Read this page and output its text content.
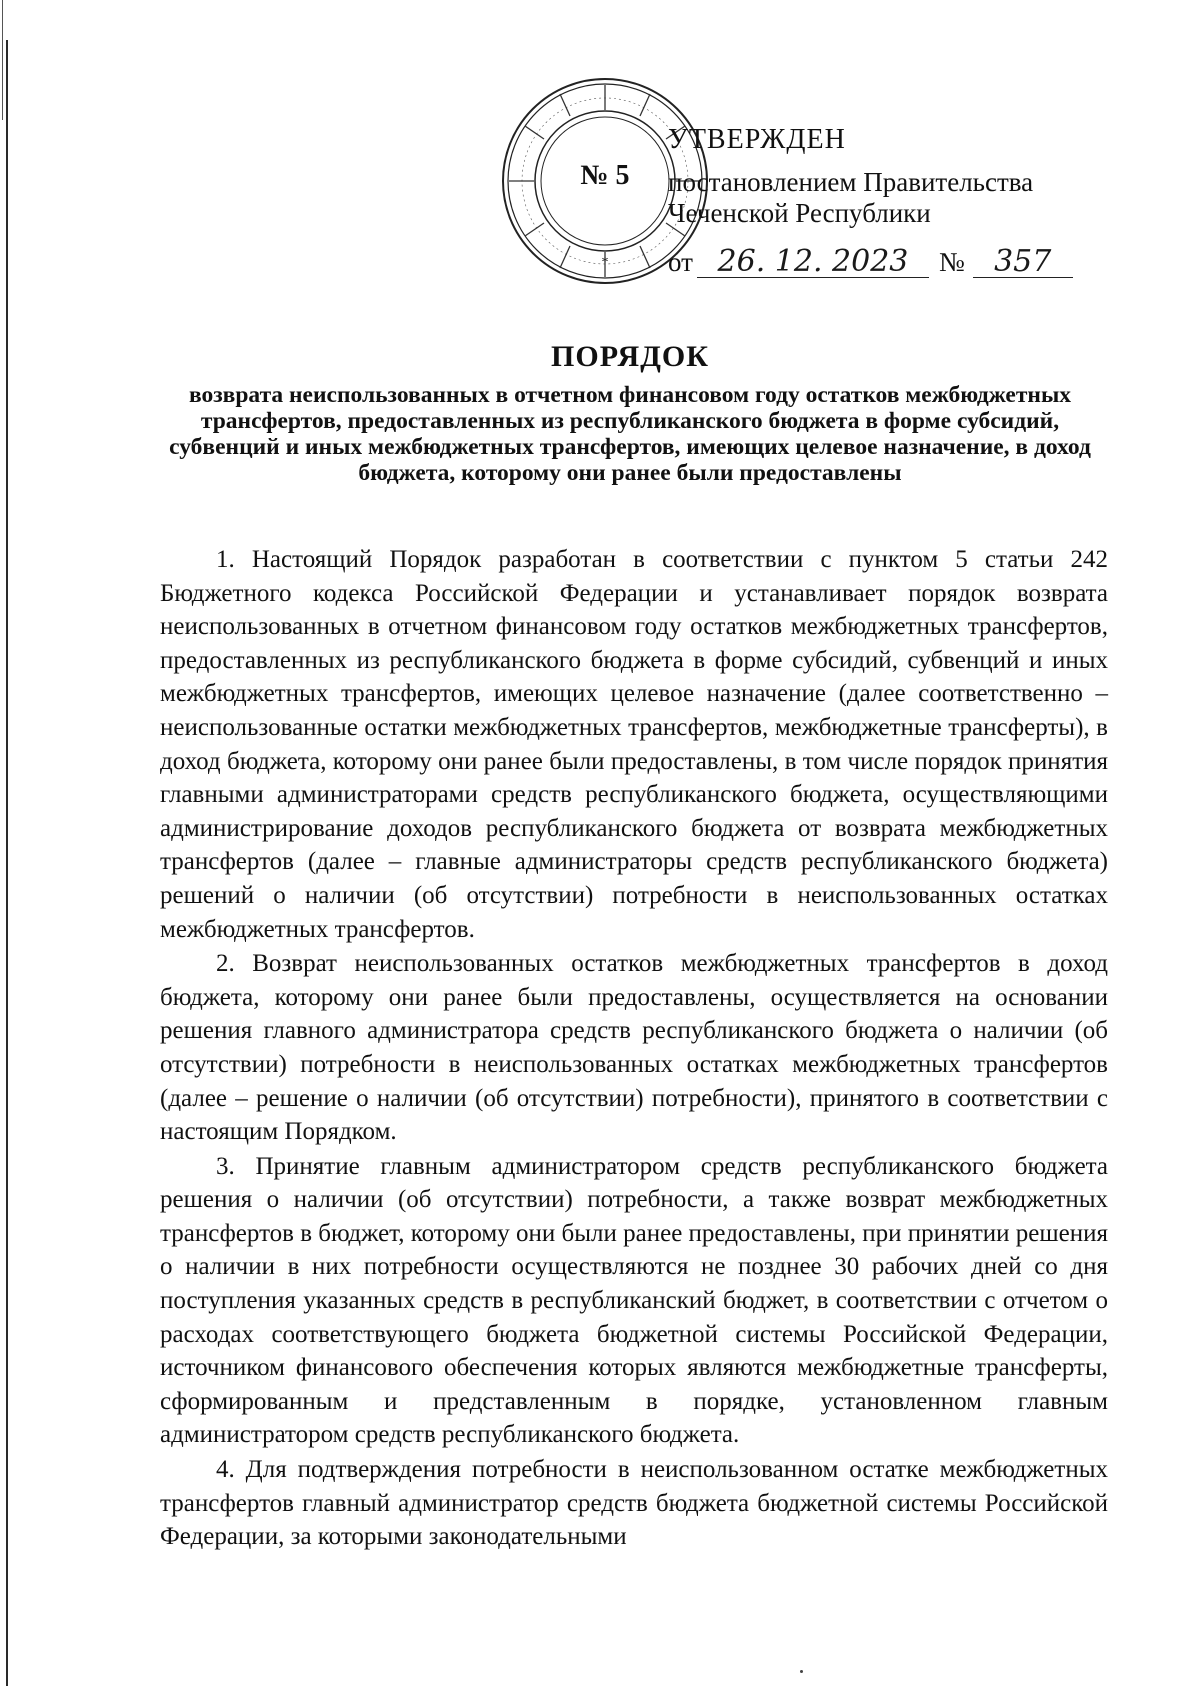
*
№ 5
УТВЕРЖДЕН
постановлением Правительства
Чеченской Республики
от 26. 12. 2023	№ 357
ПОРЯДОК

возврата неиспользованных в отчетном финансовом году остатков межбюджетных трансфертов, предоставленных из республиканского бюджета в форме субсидий, субвенций и иных межбюджетных трансфертов, имеющих целевое назначение, в доход бюджета, которому они ранее были предоставлены

1. Настоящий Порядок разработан в соответствии с пунктом 5 статьи 242 Бюджетного кодекса Российской Федерации и устанавливает порядок возврата неиспользованных в отчетном финансовом году остатков межбюджетных трансфертов, предоставленных из республиканского бюджета в форме субсидий, субвенций и иных межбюджетных трансфертов, имеющих целевое назначение (далее соответственно – неиспользованные остатки межбюджетных трансфертов, межбюджетные трансферты), в доход бюджета, которому они ранее были предоставлены, в том числе порядок принятия главными администраторами средств республиканского бюджета, осуществляющими администрирование доходов республиканского бюджета от возврата межбюджетных трансфертов (далее – главные администраторы средств республиканского бюджета) решений о наличии (об отсутствии) потребности в неиспользованных остатках межбюджетных трансфертов.

2. Возврат неиспользованных остатков межбюджетных трансфертов в доход бюджета, которому они ранее были предоставлены, осуществляется на основании решения главного администратора средств республиканского бюджета о наличии (об отсутствии) потребности в неиспользованных остатках межбюджетных трансфертов (далее – решение о наличии (об отсутствии) потребности), принятого в соответствии с настоящим Порядком.

3. Принятие главным администратором средств республиканского бюджета решения о наличии (об отсутствии) потребности, а также возврат межбюджетных трансфертов в бюджет, которому они были ранее предоставлены, при принятии решения о наличии в них потребности осуществляются не позднее 30 рабочих дней со дня поступления указанных средств в республиканский бюджет, в соответствии с отчетом о расходах соответствующего бюджета бюджетной системы Российской Федерации, источником финансового обеспечения которых являются межбюджетные трансферты, сформированным и представленным в порядке, установленном главным администратором средств республиканского бюджета.

4. Для подтверждения потребности в неиспользованном остатке межбюджетных трансфертов главный администратор средств бюджета бюджетной системы Российской Федерации, за которыми законодательными
